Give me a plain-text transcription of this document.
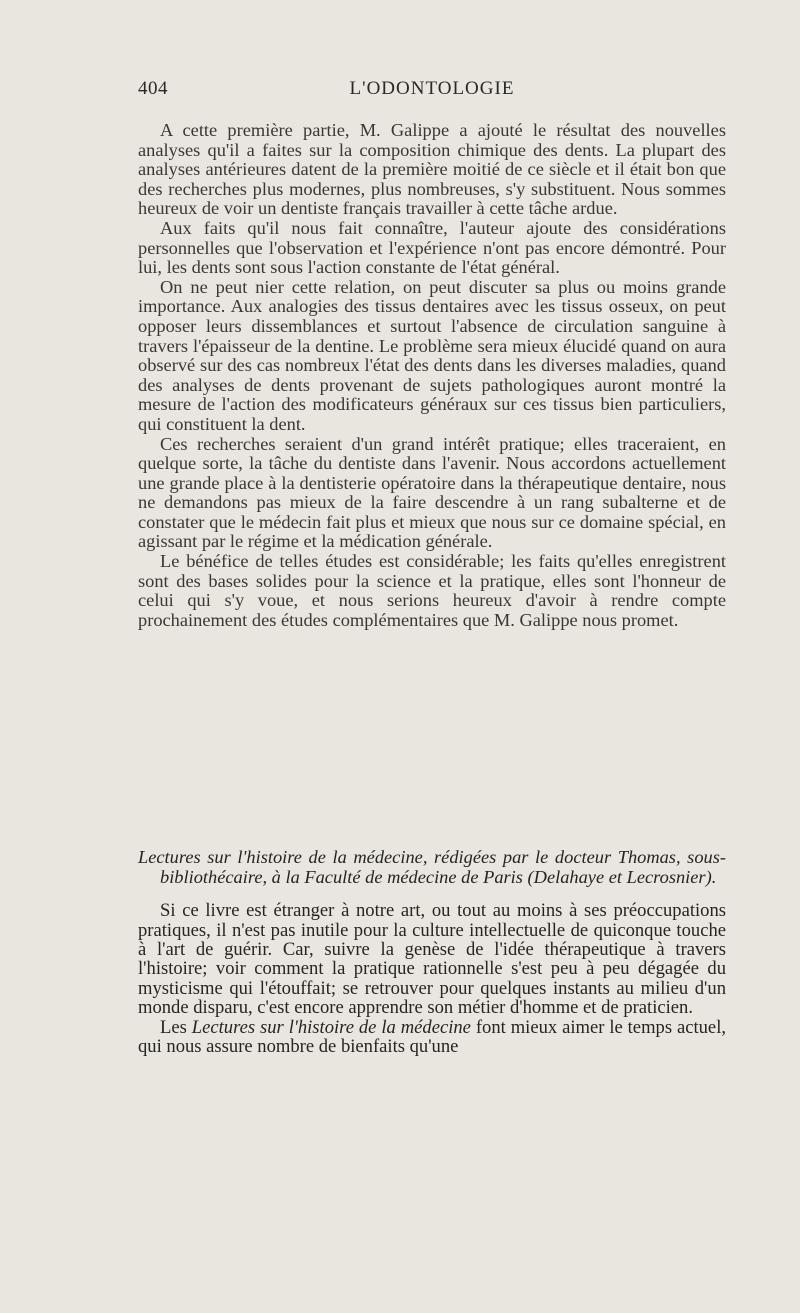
404	L'ODONTOLOGIE

A cette première partie, M. Galippe a ajouté le résultat des nouvelles analyses qu'il a faites sur la composition chimique des dents. La plupart des analyses antérieures datent de la première moitié de ce siècle et il était bon que des recherches plus modernes, plus nombreuses, s'y substituent. Nous sommes heureux de voir un dentiste français travailler à cette tâche ardue.

Aux faits qu'il nous fait connaître, l'auteur ajoute des considérations personnelles que l'observation et l'expérience n'ont pas encore démontré. Pour lui, les dents sont sous l'action constante de l'état général.

On ne peut nier cette relation, on peut discuter sa plus ou moins grande importance. Aux analogies des tissus dentaires avec les tissus osseux, on peut opposer leurs dissemblances et surtout l'absence de circulation sanguine à travers l'épaisseur de la dentine. Le problème sera mieux élucidé quand on aura observé sur des cas nombreux l'état des dents dans les diverses maladies, quand des analyses de dents provenant de sujets pathologiques auront montré la mesure de l'action des modificateurs généraux sur ces tissus bien particuliers, qui constituent la dent.

Ces recherches seraient d'un grand intérêt pratique; elles traceraient, en quelque sorte, la tâche du dentiste dans l'avenir. Nous accordons actuellement une grande place à la dentisterie opératoire dans la thérapeutique dentaire, nous ne demandons pas mieux de la faire descendre à un rang subalterne et de constater que le médecin fait plus et mieux que nous sur ce domaine spécial, en agissant par le régime et la médication générale.

Le bénéfice de telles études est considérable; les faits qu'elles enregistrent sont des bases solides pour la science et la pratique, elles sont l'honneur de celui qui s'y voue, et nous serions heureux d'avoir à rendre compte prochainement des études complémentaires que M. Galippe nous promet.

Lectures sur l'histoire de la médecine, rédigées par le docteur Thomas, sous-bibliothécaire, à la Faculté de médecine de Paris (Delahaye et Lecrosnier).

Si ce livre est étranger à notre art, ou tout au moins à ses préoccupations pratiques, il n'est pas inutile pour la culture intellectuelle de quiconque touche à l'art de guérir. Car, suivre la genèse de l'idée thérapeutique à travers l'histoire; voir comment la pratique rationnelle s'est peu à peu dégagée du mysticisme qui l'étouffait; se retrouver pour quelques instants au milieu d'un monde disparu, c'est encore apprendre son métier d'homme et de praticien.

Les Lectures sur l'histoire de la médecine font mieux aimer le temps actuel, qui nous assure nombre de bienfaits qu'une
